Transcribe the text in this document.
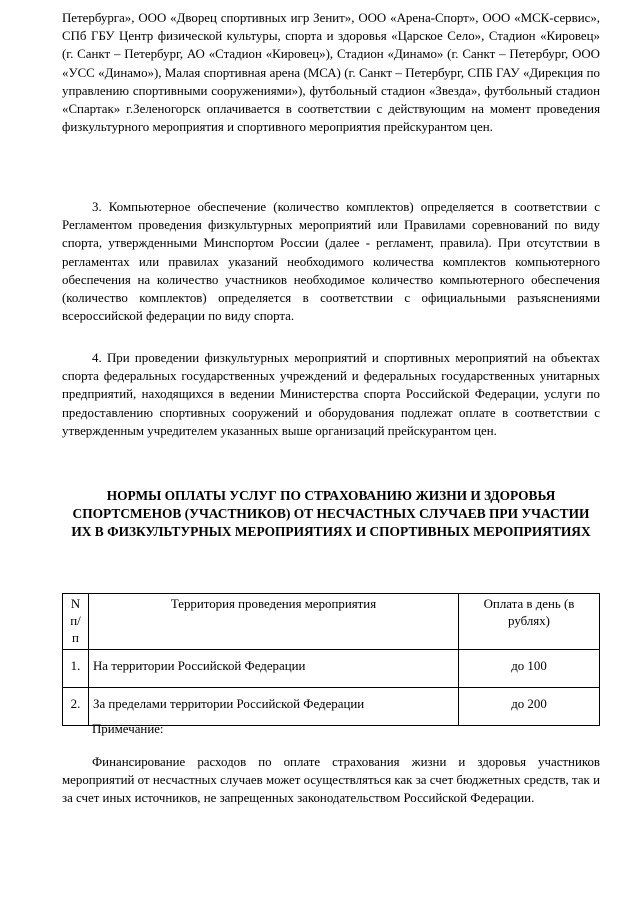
Петербурга», ООО «Дворец спортивных игр Зенит», ООО «Арена-Спорт», ООО «МСК-сервис», СПб ГБУ Центр физической культуры, спорта и здоровья «Царское Село», Стадион «Кировец» (г. Санкт – Петербург, АО «Стадион «Кировец»), Стадион «Динамо» (г. Санкт – Петербург, ООО «УСС «Динамо»), Малая спортивная арена (МСА) (г. Санкт – Петербург, СПБ ГАУ «Дирекция по управлению спортивными сооружениями»), футбольный стадион «Звезда», футбольный стадион «Спартак» г.Зеленогорск оплачивается в соответствии с действующим на момент проведения физкультурного мероприятия и спортивного мероприятия прейскурантом цен.

3. Компьютерное обеспечение (количество комплектов) определяется в соответствии с Регламентом проведения физкультурных мероприятий или Правилами соревнований по виду спорта, утвержденными Минспортом России (далее - регламент, правила). При отсутствии в регламентах или правилах указаний необходимого количества комплектов компьютерного обеспечения на количество участников необходимое количество компьютерного обеспечения (количество комплектов) определяется в соответствии с официальными разъяснениями всероссийской федерации по виду спорта.

4. При проведении физкультурных мероприятий и спортивных мероприятий на объектах спорта федеральных государственных учреждений и федеральных государственных унитарных предприятий, находящихся в ведении Министерства спорта Российской Федерации, услуги по предоставлению спортивных сооружений и оборудования подлежат оплате в соответствии с утвержденным учредителем указанных выше организаций прейскурантом цен.

НОРМЫ ОПЛАТЫ УСЛУГ ПО СТРАХОВАНИЮ ЖИЗНИ И ЗДОРОВЬЯ СПОРТСМЕНОВ (УЧАСТНИКОВ) ОТ НЕСЧАСТНЫХ СЛУЧАЕВ ПРИ УЧАСТИИ ИХ В ФИЗКУЛЬТУРНЫХ МЕРОПРИЯТИЯХ И СПОРТИВНЫХ МЕРОПРИЯТИЯХ
N п/п	Территория проведения мероприятия	Оплата в день (в рублях)
1.	На территории Российской Федерации	до 100
2.	За пределами территории Российской Федерации	до 200

Примечание:

Финансирование расходов по оплате страхования жизни и здоровья участников мероприятий от несчастных случаев может осуществляться как за счет бюджетных средств, так и за счет иных источников, не запрещенных законодательством Российской Федерации.
